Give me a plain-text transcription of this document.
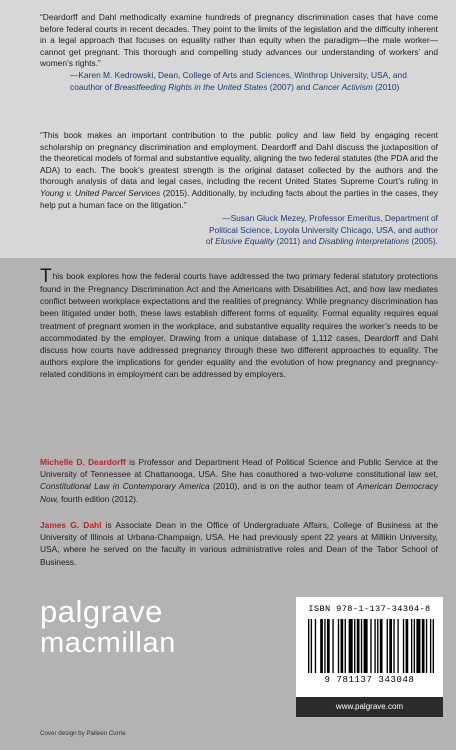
“Deardorff and Dahl methodically examine hundreds of pregnancy discrimination cases that have come before federal courts in recent decades. They point to the limits of the legislation and the difficulty inherent in a legal approach that focuses on equality rather than equity when the paradigm—the male worker—cannot get pregnant. This thorough and compelling study advances our understanding of workers’ and women’s rights.”

—Karen M. Kedrowski, Dean, College of Arts and Sciences, Winthrop University, USA, and coauthor of Breastfeeding Rights in the United States (2007) and Cancer Activism (2010)

“This book makes an important contribution to the public policy and law field by engaging recent scholarship on pregnancy discrimination and employment. Deardorff and Dahl discuss the juxtaposition of the theoretical models of formal and substantive equality, aligning the two federal statutes (the PDA and the ADA) to each. The book’s greatest strength is the original dataset collected by the authors and the thorough analysis of data and legal cases, including the recent United States Supreme Court’s ruling in Young v. United Parcel Services (2015). Additionally, by including facts about the parties in the cases, they help put a human face on the litigation.”

—Susan Gluck Mezey, Professor Emeritus, Department of Political Science, Loyola University Chicago, USA, and author of Elusive Equality (2011) and Disabling Interpretations (2005).
This book explores how the federal courts have addressed the two primary federal statutory protections found in the Pregnancy Discrimination Act and the Americans with Disabilities Act, and how law mediates conflict between workplace expectations and the realities of pregnancy. While pregnancy discrimination has been litigated under both, these laws establish different forms of equality. Formal equality requires equal treatment of pregnant women in the workplace, and substantive equality requires the worker’s needs to be accommodated by the employer. Drawing from a unique database of 1,112 cases, Deardorff and Dahl discuss how courts have addressed pregnancy through these two different approaches to equality. The authors explore the implications for gender equality and the evolution of how pregnancy and pregnancy-related conditions in employment can be addressed by employers.
Michelle D. Deardorff is Professor and Department Head of Political Science and Public Service at the University of Tennessee at Chattanooga, USA. She has coauthored a two-volume constitutional law set, Constitutional Law in Contemporary America (2010), and is on the author team of American Democracy Now, fourth edition (2012).
James G. Dahl is Associate Dean in the Office of Undergraduate Affairs, College of Business at the University of Illinois at Urbana-Champaign, USA. He had previously spent 22 years at Millikin University, USA, where he served on the faculty in various administrative roles and Dean of the Tabor School of Business.
palgrave
macmillan
ISBN 978-1-137-34304-8
9 781137 343048
www.palgrave.com
Cover design by Paileen Currie
